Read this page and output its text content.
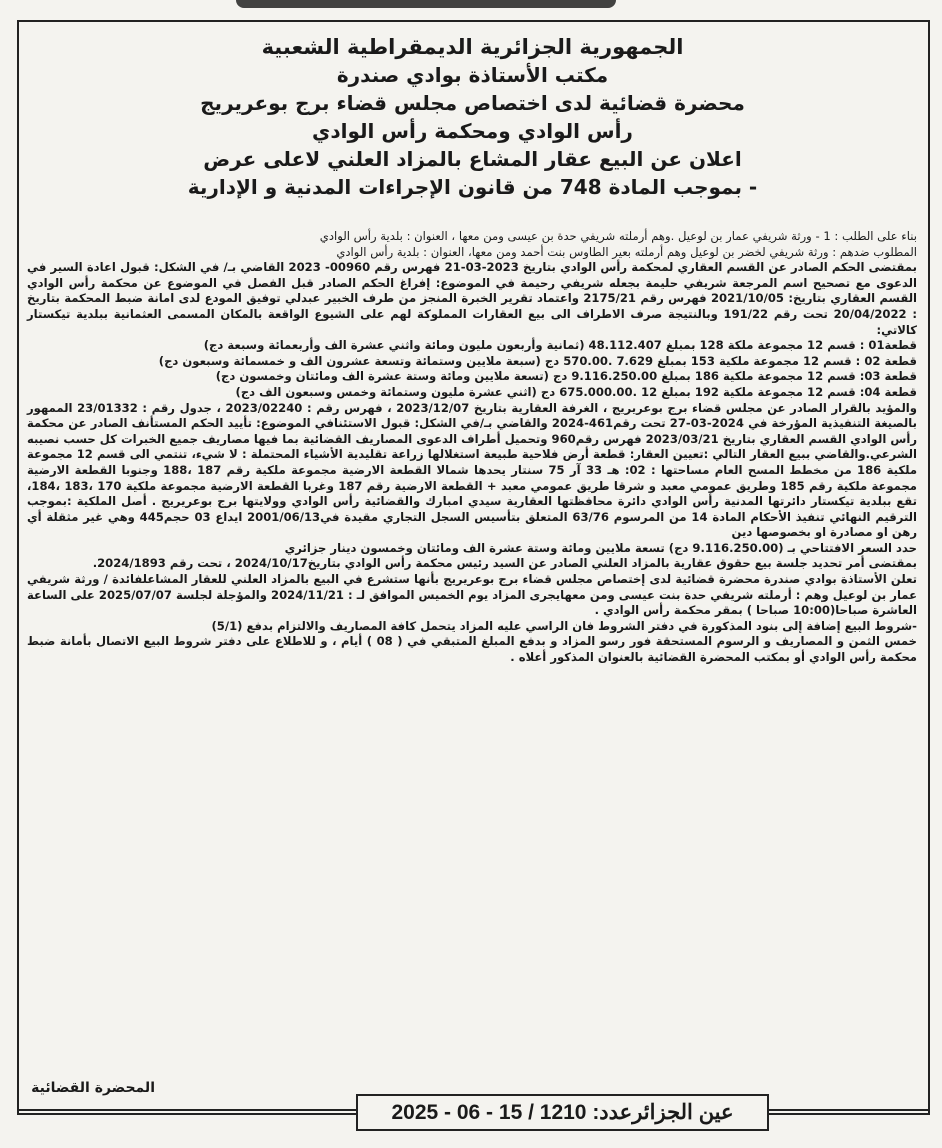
الجمهورية الجزائرية الديمقراطية الشعبية
مكتب الأستاذة بوادي صندرة
محضرة قضائية لدى اختصاص مجلس قضاء برج بوعريريج
رأس الوادي ومحكمة رأس الوادي
اعلان عن البيع عقار المشاع بالمزاد العلني لاعلى عرض
- بموجب المادة 748 من قانون الإجراءات المدنية و الإدارية

بناء على الطلب : 1 - ورثة شريفي عمار بن لوعيل .وهم أرملته شريفي حدة بن عيسى ومن معها ، العنوان : بلدية رأس الوادي

المطلوب ضدهم : ورثة شريفي لخضر بن لوعيل وهم أرملته بعير الطاوس بنت أحمد ومن معها، العنوان : بلدية رأس الوادي

بمقتضى الحكم الصادر عن القسم العقاري لمحكمة رأس الوادي بتاريخ 2023-03-21 فهرس رقم 00960- 2023 القاضي بـ/ في الشكل: قبول اعادة السير في الدعوى مع تصحيح اسم المرجعة شريفي حليمة بجعله شريفي رحيمة في الموضوع: إفراغ الحكم الصادر قبل الفصل في الموضوع عن محكمة رأس الوادي القسم العقاري بتاريخ: 2021/10/05 فهرس رقم 2175/21 واعتماد تقرير الخبرة المنجز من طرف الخبير عبدلي توفيق المودع لدى امانة ضبط المحكمة بتاريخ : 20/04/2022 تحت رقم 191/22 وبالنتيجة صرف الاطراف الى بيع العقارات المملوكة لهم على الشيوع الواقعة بالمكان المسمى العثمانية ببلدية تيكستار كالاتي:

قطعة01 : قسم 12 مجموعة ملكة 128 بمبلغ 48.112.407 (ثمانية وأربعون مليون ومائة واثني عشرة الف وأربعمائة وسبعة دج)

قطعة 02 : قسم 12 مجموعة ملكية 153 بمبلغ 7.629 .570.00 دج (سبعة ملايين وستمائة وتسعة عشرون الف و خمسمائة وسبعون دج)

قطعة 03: قسم 12 مجموعة ملكية 186 بمبلغ 9.116.250.00 دج (تسعة ملايين ومائة وستة عشرة الف ومائتان وخمسون دج)

قطعة 04: قسم 12 مجموعة ملكية 192 بمبلغ 12 .675.000.00 دج (اثني عشرة مليون وستمائة وخمس وسبعون الف دج)

والمؤيد بالقرار الصادر عن مجلس قضاء برج بوعريريج ، الغرفة العقارية بتاريخ 2023/12/07 ، فهرس رقم : 2023/02240 ، جدول رقم : 23/01332 الممهور بالصيغة التنفيذية المؤرخة في 2024-03-27 تحت رقم461-2024 والقاضي بـ/في الشكل: قبول الاستئنافي الموضوع: تأييد الحكم المستأنف الصادر عن محكمة رأس الوادي القسم العقاري بتاريخ 2023/03/21 فهرس رقم960 وتحميل أطراف الدعوى المصاريف القضائية بما فيها مصاريف جميع الخبرات كل حسب نصيبه الشرعي.والقاضي ببيع العقار التالي :تعيين العقار: قطعة أرض فلاحية طبيعة استغلالها زراعة تقليدية الأشياء المحتملة : لا شيء، تنتمي الى قسم 12 مجموعة ملكية 186 من مخطط المسح العام مساحتها : 02: هـ 33 آر 75 سنتار يحدها شمالا القطعة الارضية مجموعة ملكية رقم 187 ،188 وجنوبا القطعة الارضية مجموعة ملكية رقم 185 وطريق عمومي معبد و شرقا طريق عمومي معبد + القطعة الارضية رقم 187 وغربا القطعة الارضية مجموعة ملكية 170 ،183 ،184، تقع ببلدية تيكستار دائرتها المدنية رأس الوادي دائرة محافظتها العقارية سيدي امبارك والقضائية رأس الوادي وولايتها برج بوعريريج . أصل الملكية :بموجب الترقيم النهائي تنفيذ الأحكام المادة 14 من المرسوم 63/76 المتعلق بتأسيس السجل التجاري مقيدة في2001/06/13 ايداع 03 حجم445 وهي غير مثقلة أي رهن او مصادرة او بخصوصها دين

حدد السعر الافتتاحي بـ (9.116.250.00 دج) تسعة ملايين ومائة وستة عشرة الف ومائتان وخمسون دينار جزائري

بمقتضى أمر تحديد جلسة بيع حقوق عقارية بالمزاد العلني الصادر عن السيد رئيس محكمة رأس الوادي بتاريخ2024/10/17 ، تحت رقم 2024/1893.

تعلن الأستاذة بوادي صندرة محضرة قضائية لدى إختصاص مجلس قضاء برج بوعريريج بأنها ستشرع في البيع بالمزاد العلني للعقار المشاعلفائدة / ورثة شريفي عمار بن لوعيل وهم : أرملته شريفي حدة بنت عيسى ومن معهايجرى المزاد يوم الخميس الموافق لـ : 2024/11/21 والمؤجلة لجلسة 2025/07/07 على الساعة العاشرة صباحا(10:00 صباحا ) بمقر محكمة رأس الوادي .

-شروط البيع إضافة إلى بنود المذكورة في دفتر الشروط فان الراسي عليه المزاد يتحمل كافة المصاريف والالتزام بدفع (5/1)

خمس الثمن و المصاريف و الرسوم المستحقة فور رسو المزاد و بدفع المبلغ المتبقي في ( 08 ) أيام ، و للاطلاع على دفتر شروط البيع الاتصال بأمانة ضبط محكمة رأس الوادي أو بمكتب المحضرة القضائية بالعنوان المذكور أعلاه .

المحضرة القضائية
عين الجزائرعدد: 1210 / 15 - 06 - 2025
